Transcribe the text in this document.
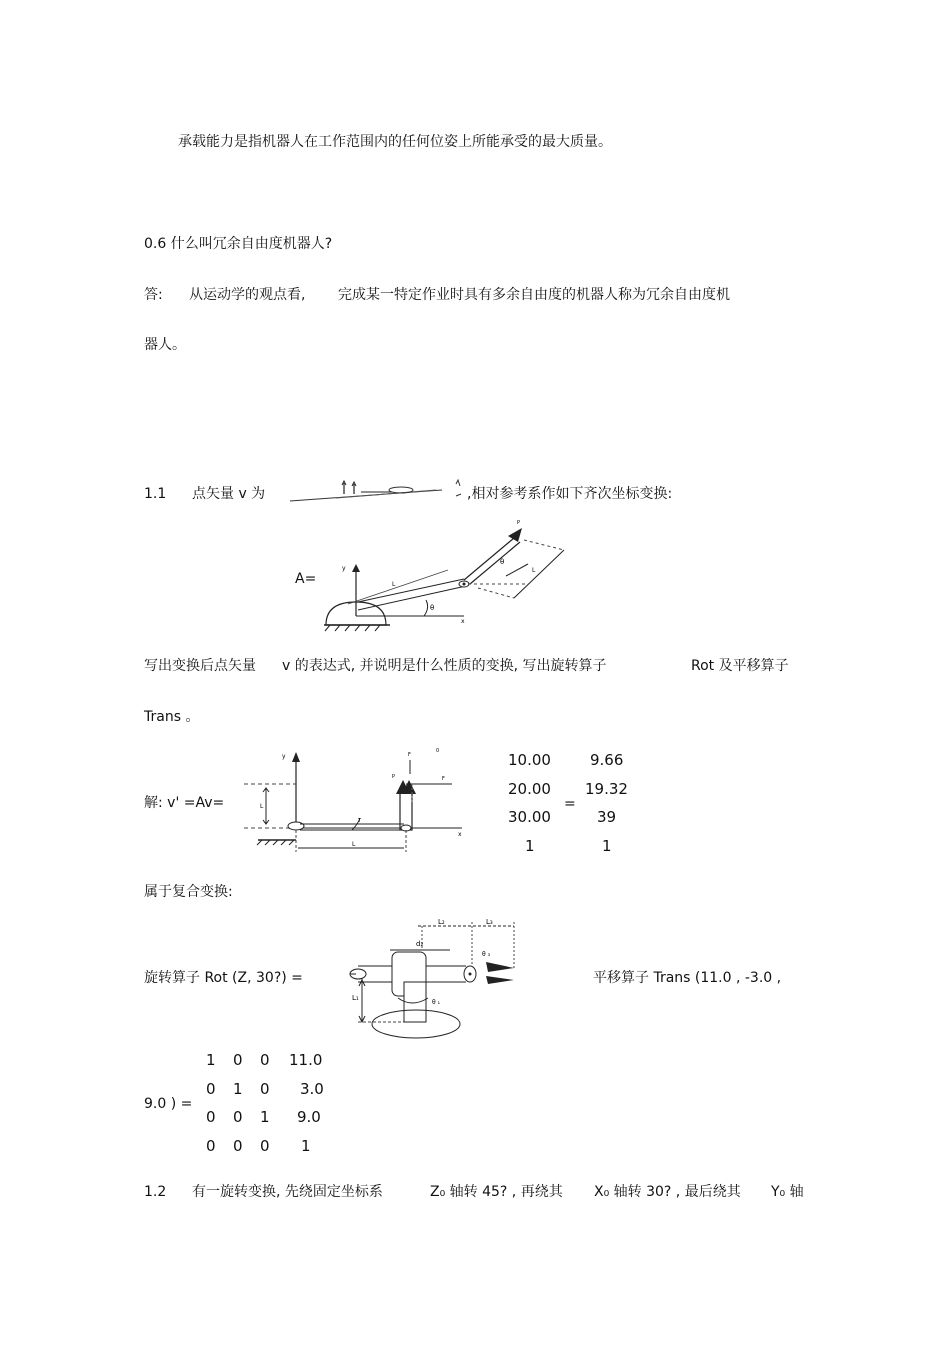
承载能力是指机器人在工作范围内的任何位姿上所能承受的最大质量。
0.6 什么叫冗余自由度机器人?
答: 从运动学的观点看, 完成某一特定作业时具有多余自由度的机器人称为冗余自由度机
器人。
1.1 点矢量 v 为	,相对参考系作如下齐次坐标变换:
A=
y
x
L
θ
P
θ
L
写出变换后点矢量 v 的表达式, 并说明是什么性质的变换, 写出旋转算子	Rot 及平移算子
Trans 。
解: v' =Av=
y
x
L
T
P
F
F
0
L
10.00
20.00
30.00
1
=
9.66
19.32
39
1
属于复合变换:
旋转算子 Rot (Z, 30?) =
L₂	L₃
d₂
θ ₃
L₁
θ ₁
平移算子 Trans (11.0 , -3.0 ,
9.0 ) =
1 0 0 11.0
0 1 0 3.0
0 0 1 9.0
0 0 0 1
1.2 有一旋转变换, 先绕固定坐标系	Z₀ 轴转 45? , 再绕其 X₀ 轴转 30? , 最后绕其 Y₀ 轴
